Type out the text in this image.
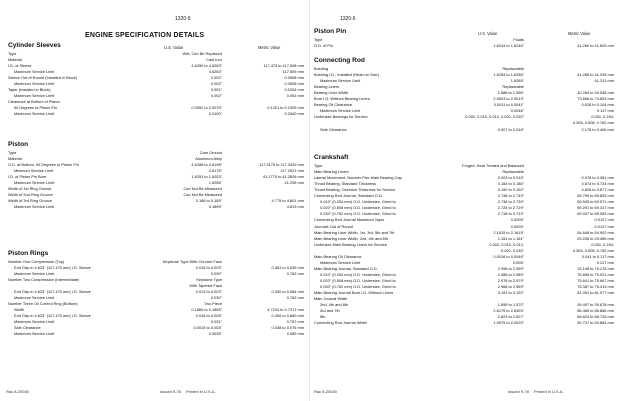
1320-5
ENGINE SPECIFICATION DETAILS
Cylinder Sleeves	U.S. Value	Metric Value
Type	Wet, Can Be Replaced
Material	Cast Iron
I.D. of Sleeve	4.6250 to 4.6263"	117.475 to 117.508 mm
Maximum Service Limit	4.6263"	117.509 mm
Sleeve Out of Round (Installed in Block)	0.002"	0.0508 mm
Maximum Service Limit	0.002"	0.0508 mm
Taper (Installed in Block)	0.001"	0.0254 mm
Maximum Service Limit	0.002"	0.051 mm
Clearance at Bottom of Piston,
90 Degrees to Piston Pin	0.0052 to 0.0075"	0.1321 to 0.1905 mm
Maximum Service Limit	0.0100"	0.2540 mm
Piston
Type	Cam Ground
Material	Aluminum Alloy
O.D. at Bottom, 90 Degrees to Piston Pin	4.6188 to 4.6198"	117.3175 to 117.3429 mm
Minimum Service Limit	4.6178"	117.2921 mm
I.D. of Piston Pin Bore	1.6251 to 1.6253"	41.2775 to 41.2826 mm
Maximum Service Limit	1.6258"	41.295 mm
Width of 1st Ring Groove	Can Not Be Measured
Width of 2nd Ring Groove	Can Not Be Measured
Width of 3rd Ring Groove	0.188 to 0.189"	4.775 to 4.801 mm
Maximum Service Limit	0.1895"	4.813 mm
Piston Rings
Number One Compression (Top)	Keystone Type With Chrome Face
End Gap in 4.625" (117.475 mm) I.D. Sleeve	0.015 to 0.025"	0.381 to 0.635 mm
Maximum Service Limit	0.030"	0.762 mm
Number Two Compression (Intermediate)	Keystone Type
With Tapered Face
End Gap in 4.625" (117.475 mm) I.D. Sleeve	0.013 to 0.023"	0.330 to 0.584 mm
Maximum Service Limit	0.030"	0.762 mm
Number Three Oil Control Ring (Bottom)	Two Piece
Width	0.1860 to 0.1865"	4.7244 to 4.7371 mm
End Gap in 4.625" (117.475 mm) I.D. Sleeve	0.016 to 0.026"	0.406 to 0.660 mm
Maximum Service Limit	0.031"	0.787 mm
Side Clearance	0.0015 to 0.003"	0.038 to 0.076 mm
Maximum Service Limit	0.0035"	0.089 mm
Rac 8-20040	Issued 9-78 Printed in U.S.A.
1320-6
Piston Pin	U.S. Value	Metric Value
Type	Floats
O.D. of Pin	1.6244 to 1.6246"	41.260 to 41.625 mm
Connecting Rod
Bushing	Replaceable
Bushing I.D., Installed (Ream to Size)	1.6254 to 1.6258"	41.285 to 41.295 mm
Maximum Service Limit	1.6265"	41.313 mm
Bearing Liners	Replaceable
Bearing Liner Width	1.586 to 1.596"	40.284 to 40.538 mm
Bore I.D. Without Bearing Liners	2.9003 to 2.9013"	73.668 to 73.693 mm
Bearing Oil Clearance	0.0011 to 0.0041"	0.028 to 0.104 mm
Maximum Service Limit	0.0046"	0.117 mm
Undersize Bearings for Service	0.002, 0.010, 0.012, 0.020, 0.030"	0.051, 0.254,
0.305, 0.508, 0.762 mm
Side Clearance	0.007 to 0.016"	0.178 to 0.406 mm
Crankshaft
Type	Forged, Heat Treated and Balanced
Main Bearing Liners	Replaceable
Lateral Movement, Number Five Main Bearing Cap	0.003 to 0.015"	0.076 to 0.381 mm
Thrust Bearing, Standard Thickness	0.184 to 0.186"	4.674 to 4.724 mm
Thrust Bearing, Oversize Thickness for Service	0.190 to 0.192"	4.826 to 4.877 mm
Connecting Rod Journal, Standard O.D.	2.748 to 2.749"	69.799 to 69.825 mm
0.010" (0.254 mm) O.D. Undersize, Grind to	2.738 to 2.739"	69.545 to 69.571 mm
0.020" (0.508 mm) O.D. Undersize, Grind to	2.728 to 2.729"	69.291 to 69.317 mm
0.030" (0.762 mm) O.D. Undersize, Grind to	2.718 to 2.719"	69.037 to 69.063 mm
Connecting Rod Journal Maximum Taper	0.0005"	0.0127 mm
Journals Out of Round	0.0005"	0.0127 mm
Main Bearing Liner Width, 1st, 3rd, 5th and 7th	2.1515 to 2.1615"	54.648 to 54.902 mm
Main Bearing Liner Width, 2nd, 4th and 6th	1.151 to 1.161"	29.235 to 29.489 mm
Undersize Main Bearing Liners for Service	0.002, 0.010, 0.012,	0.051, 0.254,
0.020, 0.030"	0.305, 0.508, 0.762 mm
Main Bearing Oil Clearance	0.0016 to 0.0046"	0.041 to 0.117 mm
Maximum Service Limit	0.005"	0.127 mm
Main Bearing Journal, Standard O.D.	2.998 to 2.999"	76.148 to 76.175 mm
0.010" (0.254 mm) O.D. Undersize, Grind to	2.988 to 2.989"	75.895 to 75.921 mm
0.020" (0.508 mm) O.D. Undersize, Grind to	2.978 to 2.979"	75.641 to 75.667 mm
0.030" (0.762 mm) O.D. Undersize, Grind to	2.968 to 2.969"	75.387 to 75.413 mm
Main Bearing Journal Bore I.D. Without Liners	3.191 to 3.192"	81.051 to 81.077 mm
Main Journal Width
2nd, 4th and 6th	1.555 to 1.570"	39.497 to 39.878 mm
3rd and 7th	2.6175 to 2.6325"	66.485 to 66.866 mm
5th	2.623 to 2.627"	66.624 to 66.726 mm
Connecting Rod Journal Width	1.9975 to 2.0025"	50.737 to 50.864 mm
Rac 8-20040	Issued 9-78 Printed in U.S.A.
